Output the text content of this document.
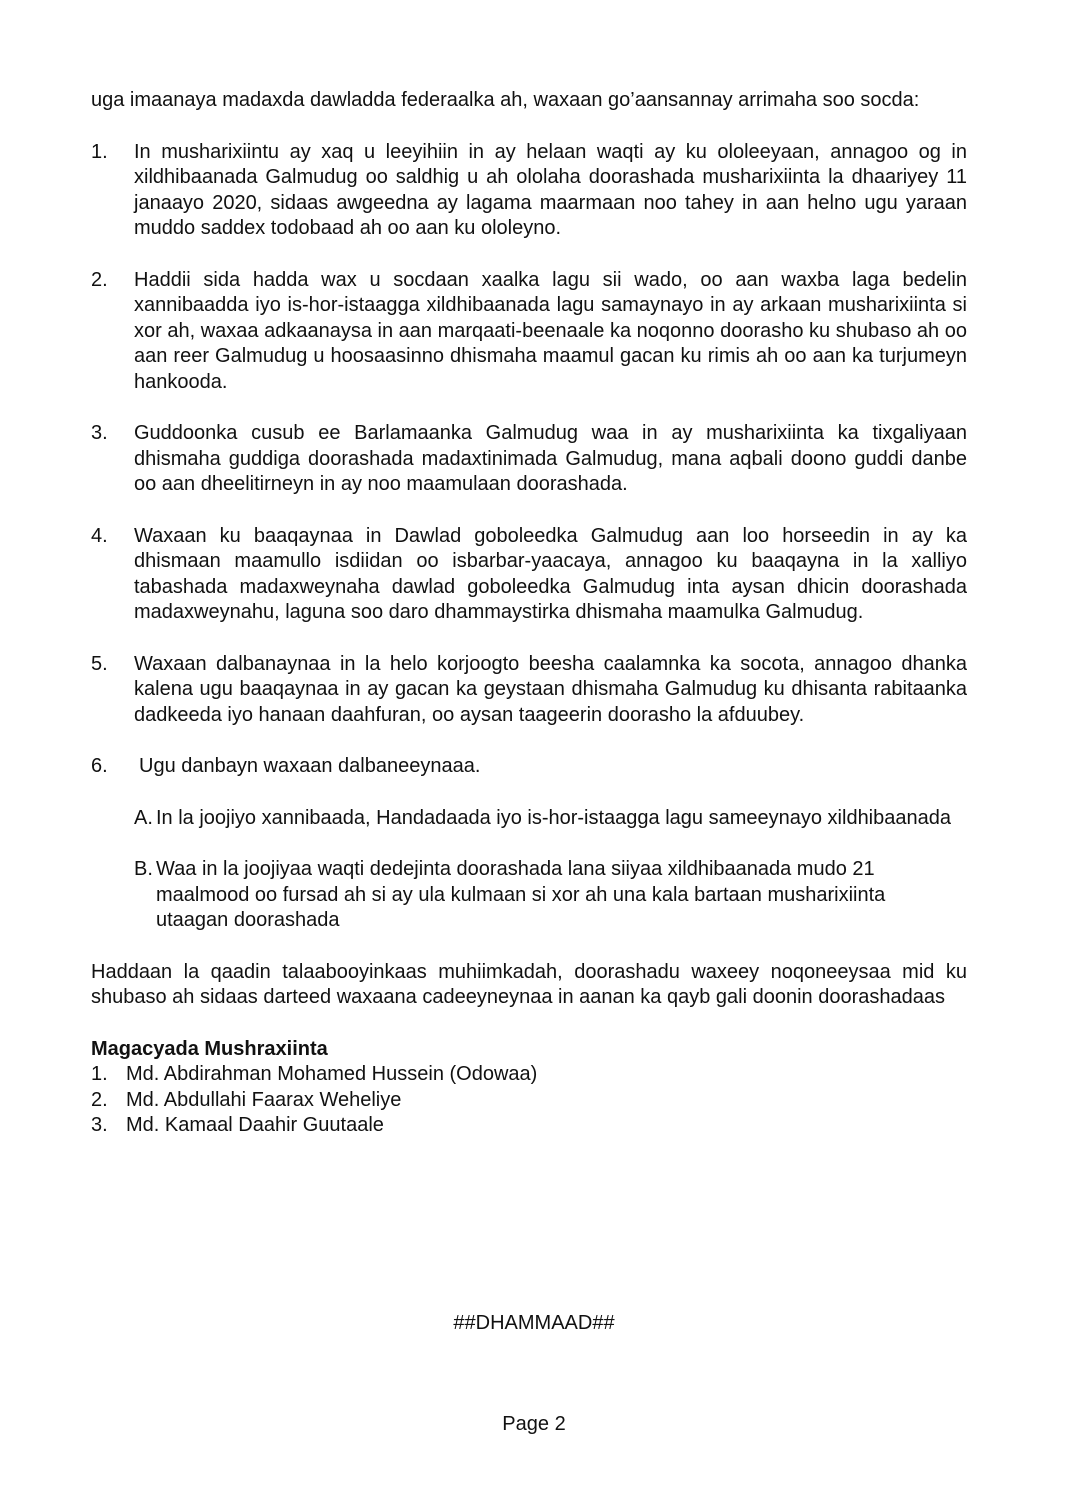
uga imaanaya madaxda dawladda federaalka ah, waxaan go’aansannay arrimaha soo socda:

1.	In musharixiintu ay xaq u leeyihiin in ay helaan waqti ay ku ololeeyaan, annagoo og in xildhibaanada Galmudug oo saldhig u ah ololaha doorashada musharixiinta la dhaariyey 11 janaayo 2020, sidaas awgeedna ay lagama maarmaan noo tahey in aan helno ugu yaraan muddo saddex todobaad ah oo aan ku ololeyno.
2.	Haddii sida hadda wax u socdaan xaalka lagu sii wado, oo aan waxba laga bedelin xannibaadda iyo is-hor-istaagga xildhibaanada lagu samaynayo in ay arkaan musharixiinta si xor ah, waxaa adkaanaysa in aan marqaati-beenaale ka noqonno doorasho ku shubaso ah oo aan reer Galmudug u hoosaasinno dhismaha maamul gacan ku rimis ah oo aan ka turjumeyn hankooda.
3.	Guddoonka cusub ee Barlamaanka Galmudug waa in ay musharixiinta ka tixgaliyaan dhismaha guddiga doorashada madaxtinimada Galmudug, mana aqbali doono guddi danbe oo aan dheelitirneyn in ay noo maamulaan doorashada.
4.	Waxaan ku baaqaynaa in Dawlad goboleedka Galmudug aan loo horseedin in ay ka dhismaan maamullo isdiidan oo isbarbar-yaacaya, annagoo ku baaqayna in la xalliyo tabashada madaxweynaha dawlad goboleedka Galmudug inta aysan dhicin doorashada madaxweynahu, laguna soo daro dhammaystirka dhismaha maamulka Galmudug.
5.	Waxaan dalbanaynaa in la helo korjoogto beesha caalamnka ka socota, annagoo dhanka kalena ugu baaqaynaa in ay gacan ka geystaan dhismaha Galmudug ku dhisanta rabitaanka dadkeeda iyo hanaan daahfuran, oo aysan taageerin doorasho la afduubey.
6.	Ugu danbayn waxaan dalbaneeynaaa.
A. In la joojiyo xannibaada, Handadaada iyo is-hor-istaagga lagu sameeynayo xildhibaanada
B. Waa in la joojiyaa waqti dedejinta doorashada lana siiyaa xildhibaanada mudo 21 maalmood oo fursad ah si ay ula kulmaan si xor ah una kala bartaan musharixiinta utaagan doorashada

Haddaan la qaadin talaabooyinkaas muhiimkadah, doorashadu waxeey noqoneeysaa mid ku shubaso ah sidaas darteed waxaana cadeeyneynaa in aanan ka qayb gali doonin doorashadaas

Magacyada Mushraxiinta

1. Md. Abdirahman Mohamed Hussein (Odowaa)
2. Md. Abdullahi Faarax Weheliye
3. Md. Kamaal Daahir Guutaale
##DHAMMAAD##
Page 2
